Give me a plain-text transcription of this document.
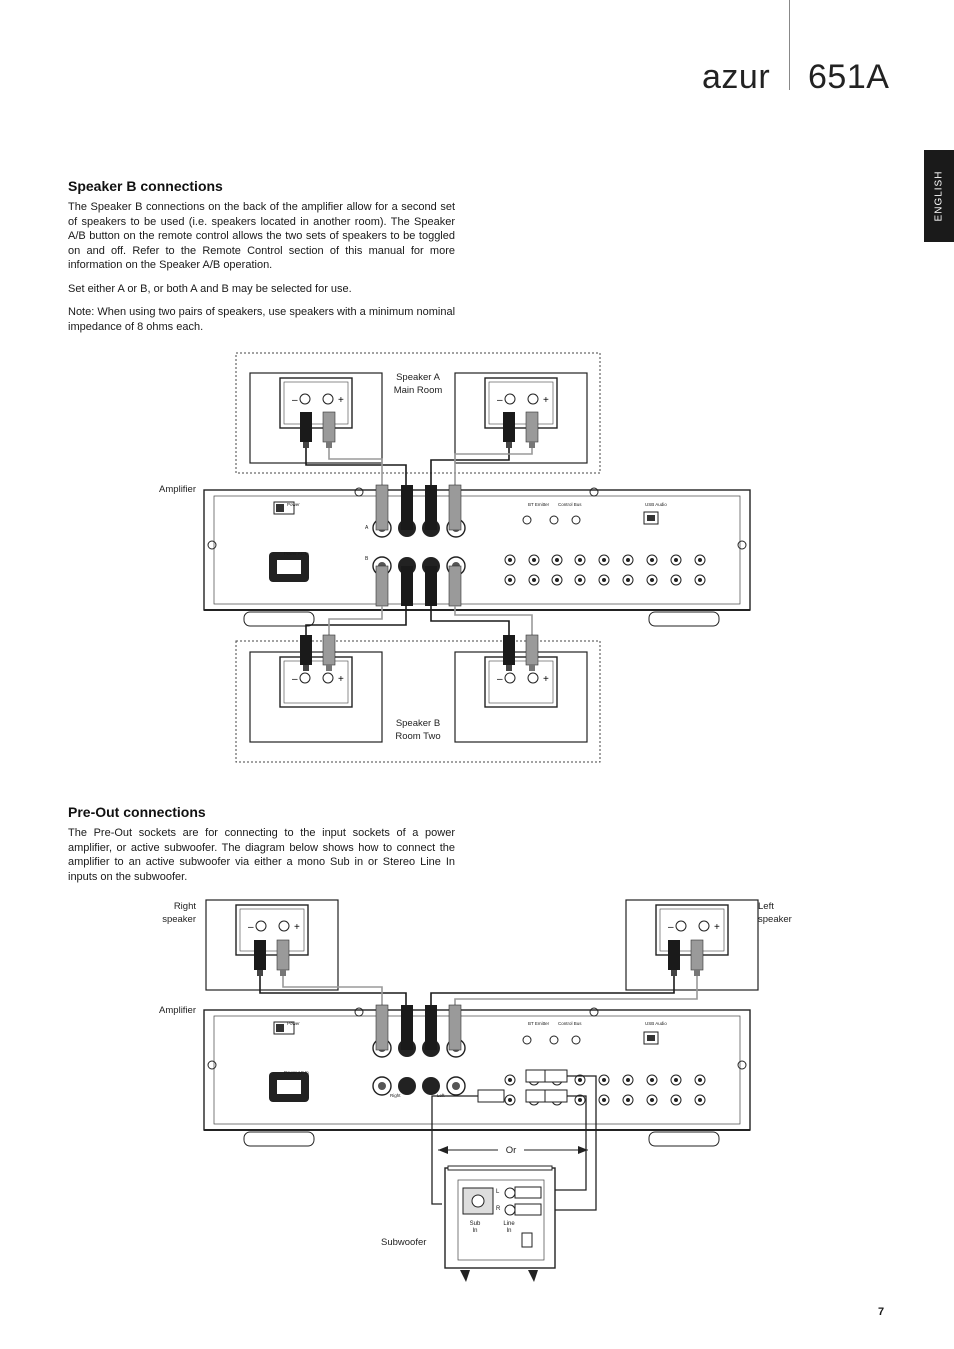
azur 651A
ENGLISH
Speaker B connections

The Speaker B connections on the back of the amplifier allow for a second set of speakers to be used (i.e. speakers located in another room). The Speaker A/B button on the remote control allows the two sets of speakers to be toggled on and off. Refer to the Remote Control section of this manual for more information on the Speaker A/B operation.

Set either A or B, or both A and B may be selected for use.

Note: When using two pairs of speakers, use speakers with a minimum nominal impedance of 8 ohms each.

–	+
Speaker A
Main Room
Amplifier
Speaker B
Room Two
Power
Power AC In
BT Emitter Control Bus	USB Audio
A
B
Power
Power AC In
BT Emitter Control Bus	USB Audio
Right	Left
Pre-Out connections

The Pre-Out sockets are for connecting to the input sockets of a power amplifier, or active subwoofer. The diagram below shows how to connect the amplifier to an active subwoofer via either a mono Sub in or Stereo Line In inputs on the subwoofer.

Right
speaker
Left
speaker
Amplifier
Or
Subwoofer
Sub
In
Line
In
L
R
7
